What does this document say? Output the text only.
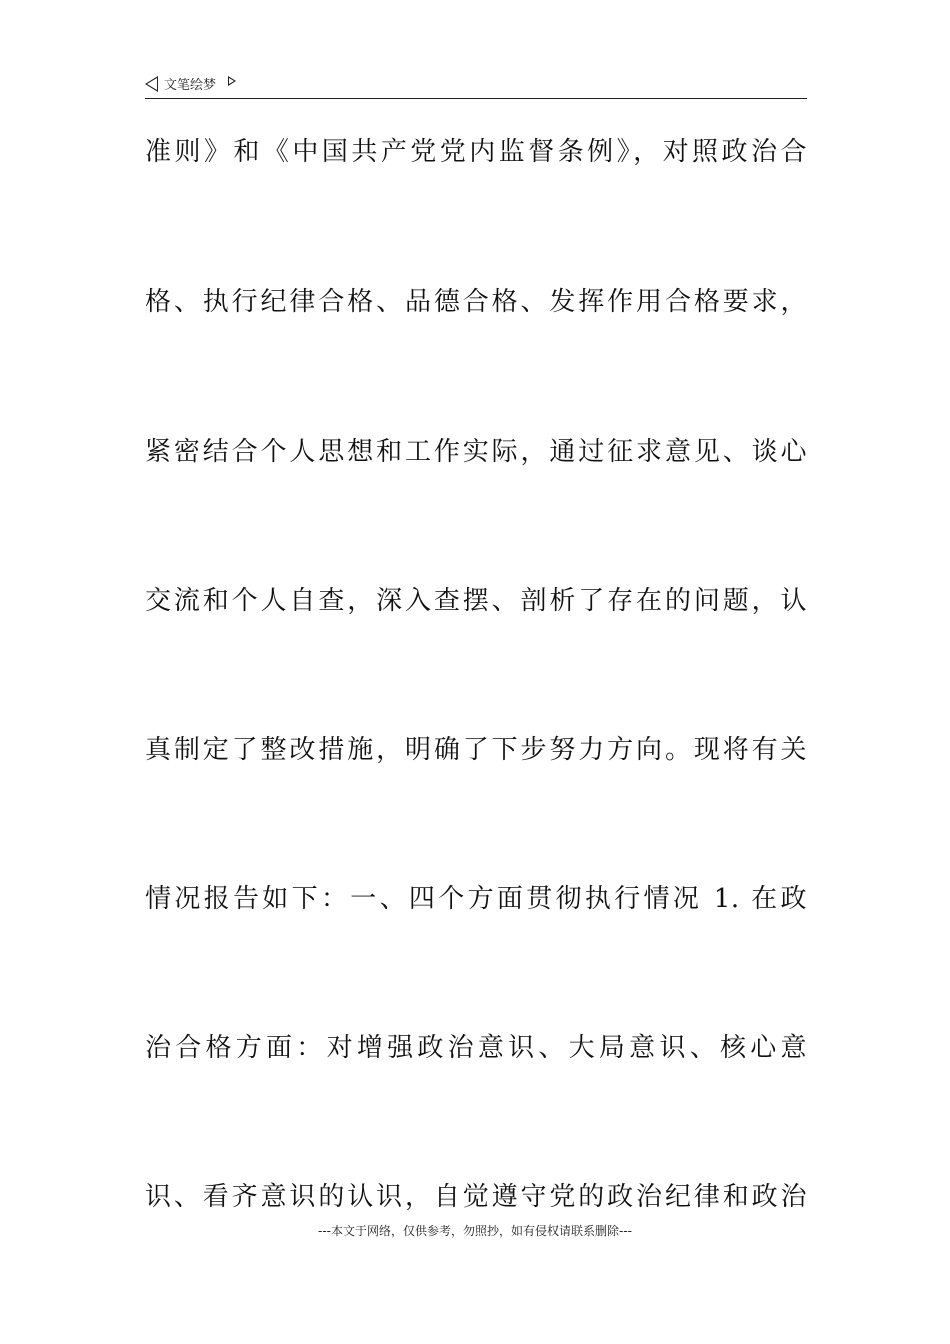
文笔绘梦
准则》和《中国共产党党内监督条例》，对照政治合
格、执行纪律合格、品德合格、发挥作用合格要求，
紧密结合个人思想和工作实际，通过征求意见、谈心
交流和个人自查，深入查摆、剖析了存在的问题，认
真制定了整改措施，明确了下步努力方向。现将有关
情况报告如下：一、四个方面贯彻执行情况 1. 在政
治合格方面：对增强政治意识、大局意识、核心意
识、看齐意识的认识，自觉遵守党的政治纪律和政治
---本文于网络，仅供参考，勿照抄，如有侵权请联系删除---
